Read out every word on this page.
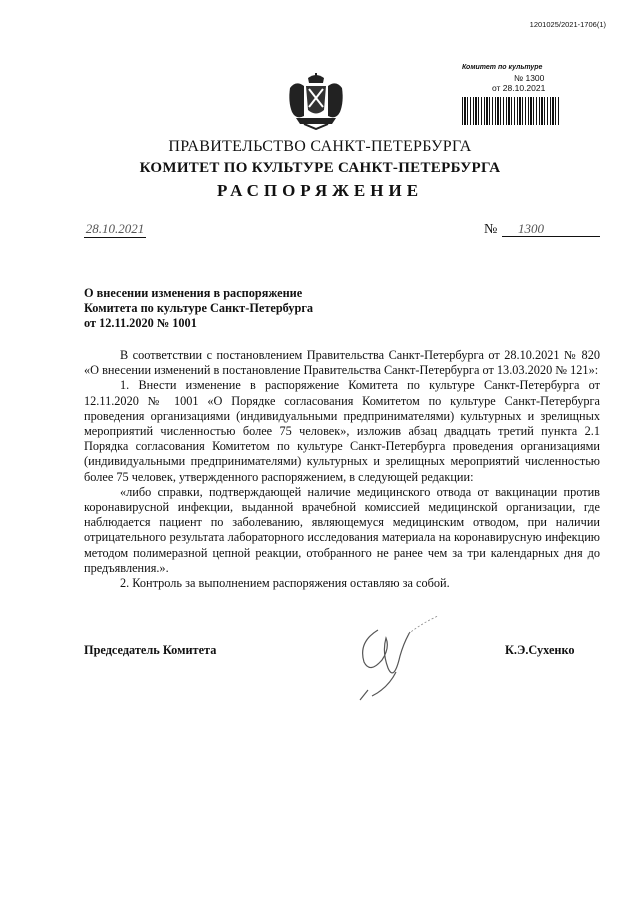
1201025/2021-1706(1)
Комитет по культуре
№ 1300
от 28.10.2021
ПРАВИТЕЛЬСТВО САНКТ-ПЕТЕРБУРГА
КОМИТЕТ ПО КУЛЬТУРЕ САНКТ-ПЕТЕРБУРГА
РАСПОРЯЖЕНИЕ
28.10.2021	№	1300
О внесении изменения в распоряжение
Комитета по культуре Санкт-Петербурга
от 12.11.2020 № 1001

В соответствии с постановлением Правительства Санкт-Петербурга от 28.10.2021 № 820 «О внесении изменений в постановление Правительства Санкт-Петербурга от 13.03.2020 № 121»:

1. Внести изменение в распоряжение Комитета по культуре Санкт-Петербурга от 12.11.2020 № 1001 «О Порядке согласования Комитетом по культуре Санкт-Петербурга проведения организациями (индивидуальными предпринимателями) культурных и зрелищных мероприятий численностью более 75 человек», изложив абзац двадцать третий пункта 2.1 Порядка согласования Комитетом по культуре Санкт-Петербурга проведения организациями (индивидуальными предпринимателями) культурных и зрелищных мероприятий численностью более 75 человек, утвержденного распоряжением, в следующей редакции:

«либо справки, подтверждающей наличие медицинского отвода от вакцинации против коронавирусной инфекции, выданной врачебной комиссией медицинской организации, где наблюдается пациент по заболеванию, являющемуся медицинским отводом, при наличии отрицательного результата лабораторного исследования материала на коронавирусную инфекцию методом полимеразной цепной реакции, отобранного не ранее чем за три календарных дня до предъявления.».

2. Контроль за выполнением распоряжения оставляю за собой.

Председатель Комитета	К.Э.Сухенко
